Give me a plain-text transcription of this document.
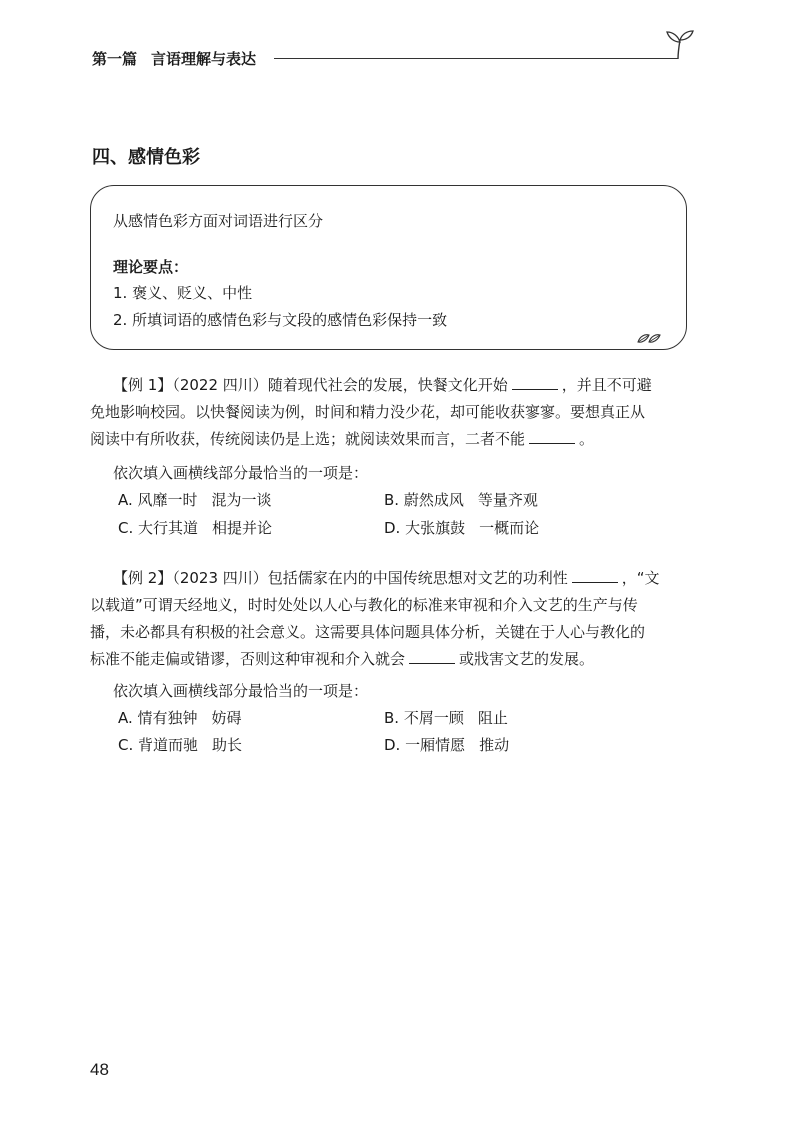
第一篇 言语理解与表达
四、感情色彩
从感情色彩方面对词语进行区分
理论要点：
1. 褒义、贬义、中性
2. 所填词语的感情色彩与文段的感情色彩保持一致
【例 1】（2022 四川）随着现代社会的发展，快餐文化开始	，并且不可避
免地影响校园。以快餐阅读为例，时间和精力没少花，却可能收获寥寥。要想真正从
阅读中有所收获，传统阅读仍是上选；就阅读效果而言，二者不能	。
依次填入画横线部分最恰当的一项是：
A. 风靡一时 混为一谈	B. 蔚然成风 等量齐观
C. 大行其道 相提并论	D. 大张旗鼓 一概而论
【例 2】（2023 四川）包括儒家在内的中国传统思想对文艺的功利性	，“文
以载道”可谓天经地义，时时处处以人心与教化的标准来审视和介入文艺的生产与传
播，未必都具有积极的社会意义。这需要具体问题具体分析，关键在于人心与教化的
标准不能走偏或错谬，否则这种审视和介入就会	或戕害文艺的发展。
依次填入画横线部分最恰当的一项是：
A. 情有独钟 妨碍	B. 不屑一顾 阻止
C. 背道而驰 助长	D. 一厢情愿 推动
48
